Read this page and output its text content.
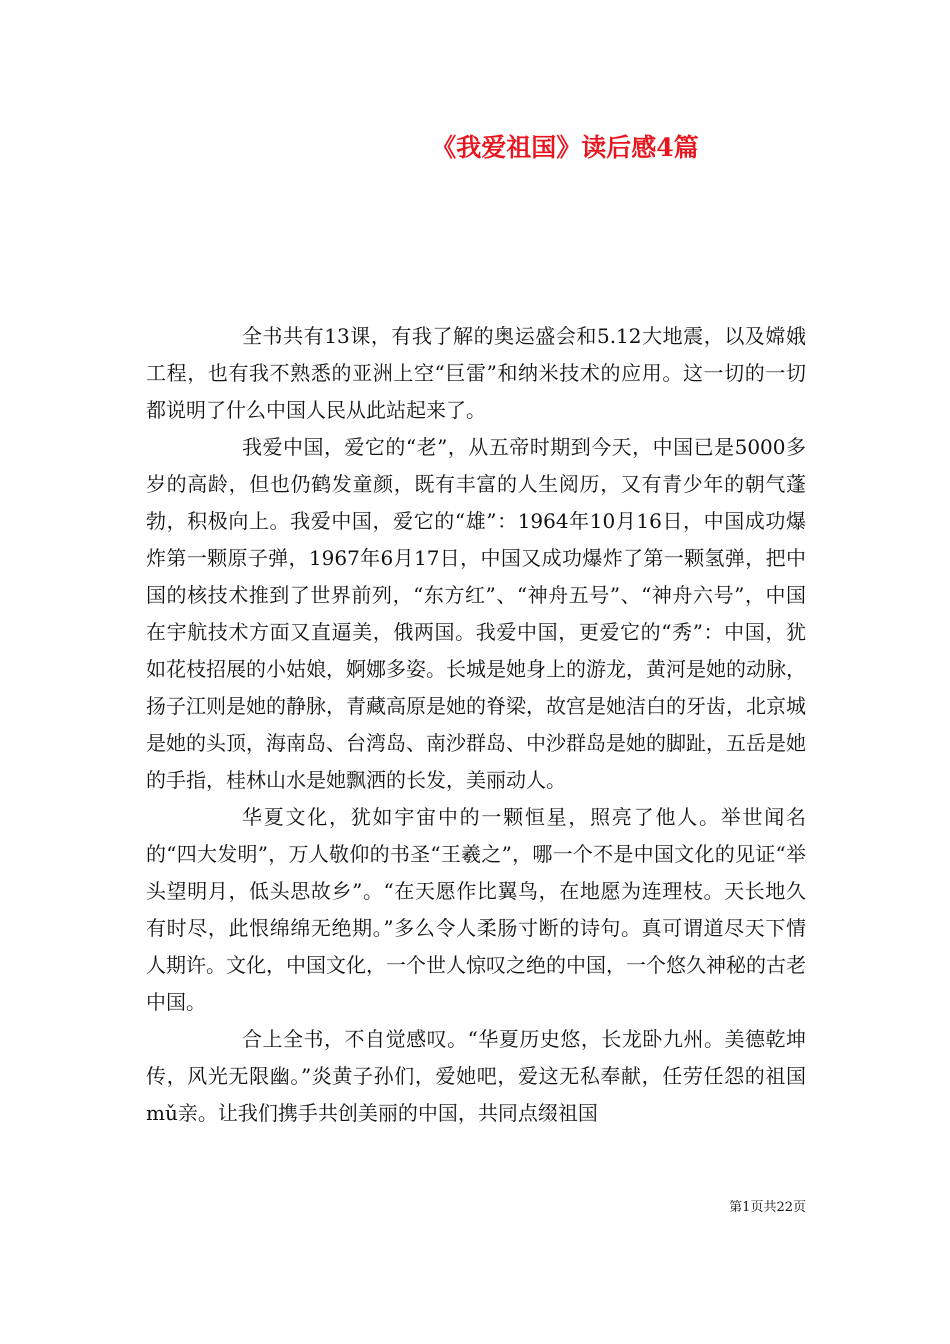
《我爱祖国》读后感4篇

全书共有13课，有我了解的奥运盛会和5.12大地震，以及嫦娥工程，也有我不熟悉的亚洲上空“巨雷”和纳米技术的应用。这一切的一切都说明了什么中国人民从此站起来了。

我爱中国，爱它的“老”，从五帝时期到今天，中国已是5000多岁的高龄，但也仍鹤发童颜，既有丰富的人生阅历，又有青少年的朝气蓬勃，积极向上。我爱中国，爱它的“雄”：1964年10月16日，中国成功爆炸第一颗原子弹，1967年6月17日，中国又成功爆炸了第一颗氢弹，把中国的核技术推到了世界前列，“东方红”、“神舟五号”、“神舟六号”，中国在宇航技术方面又直逼美，俄两国。我爱中国，更爱它的“秀”：中国，犹如花枝招展的小姑娘，婀娜多姿。长城是她身上的游龙，黄河是她的动脉，扬子江则是她的静脉，青藏高原是她的脊梁，故宫是她洁白的牙齿，北京城是她的头顶，海南岛、台湾岛、南沙群岛、中沙群岛是她的脚趾，五岳是她的手指，桂林山水是她飘洒的长发，美丽动人。

华夏文化，犹如宇宙中的一颗恒星，照亮了他人。举世闻名的“四大发明”，万人敬仰的书圣“王羲之”，哪一个不是中国文化的见证“举头望明月，低头思故乡”。“在天愿作比翼鸟，在地愿为连理枝。天长地久有时尽，此恨绵绵无绝期。”多么令人柔肠寸断的诗句。真可谓道尽天下情人期许。文化，中国文化，一个世人惊叹之绝的中国，一个悠久神秘的古老中国。

合上全书，不自觉感叹。“华夏历史悠，长龙卧九州。美德乾坤传，风光无限幽。”炎黄子孙们，爱她吧，爱这无私奉献，任劳任怨的祖国mǔ亲。让我们携手共创美丽的中国，共同点缀祖国

第1页共22页
